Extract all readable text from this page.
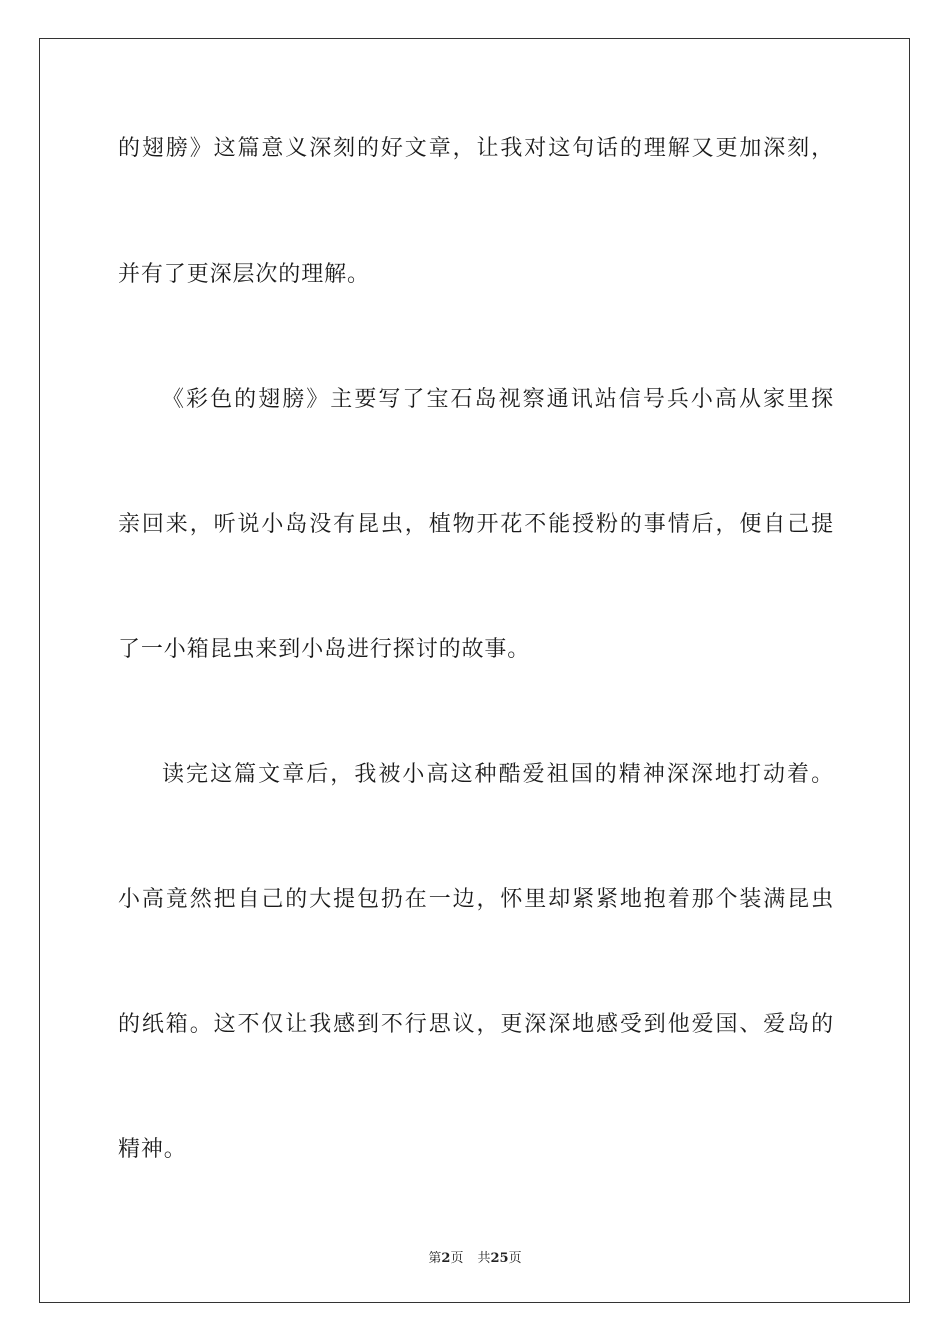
的翅膀》这篇意义深刻的好文章，让我对这句话的理解又更加深刻，
并有了更深层次的理解。
《彩色的翅膀》主要写了宝石岛视察通讯站信号兵小高从家里探
亲回来，听说小岛没有昆虫，植物开花不能授粉的事情后，便自己提
了一小箱昆虫来到小岛进行探讨的故事。
读完这篇文章后，我被小高这种酷爱祖国的精神深深地打动着。
小高竟然把自己的大提包扔在一边，怀里却紧紧地抱着那个装满昆虫
的纸箱。这不仅让我感到不行思议，更深深地感受到他爱国、爱岛的
精神。
第2页 共25页
